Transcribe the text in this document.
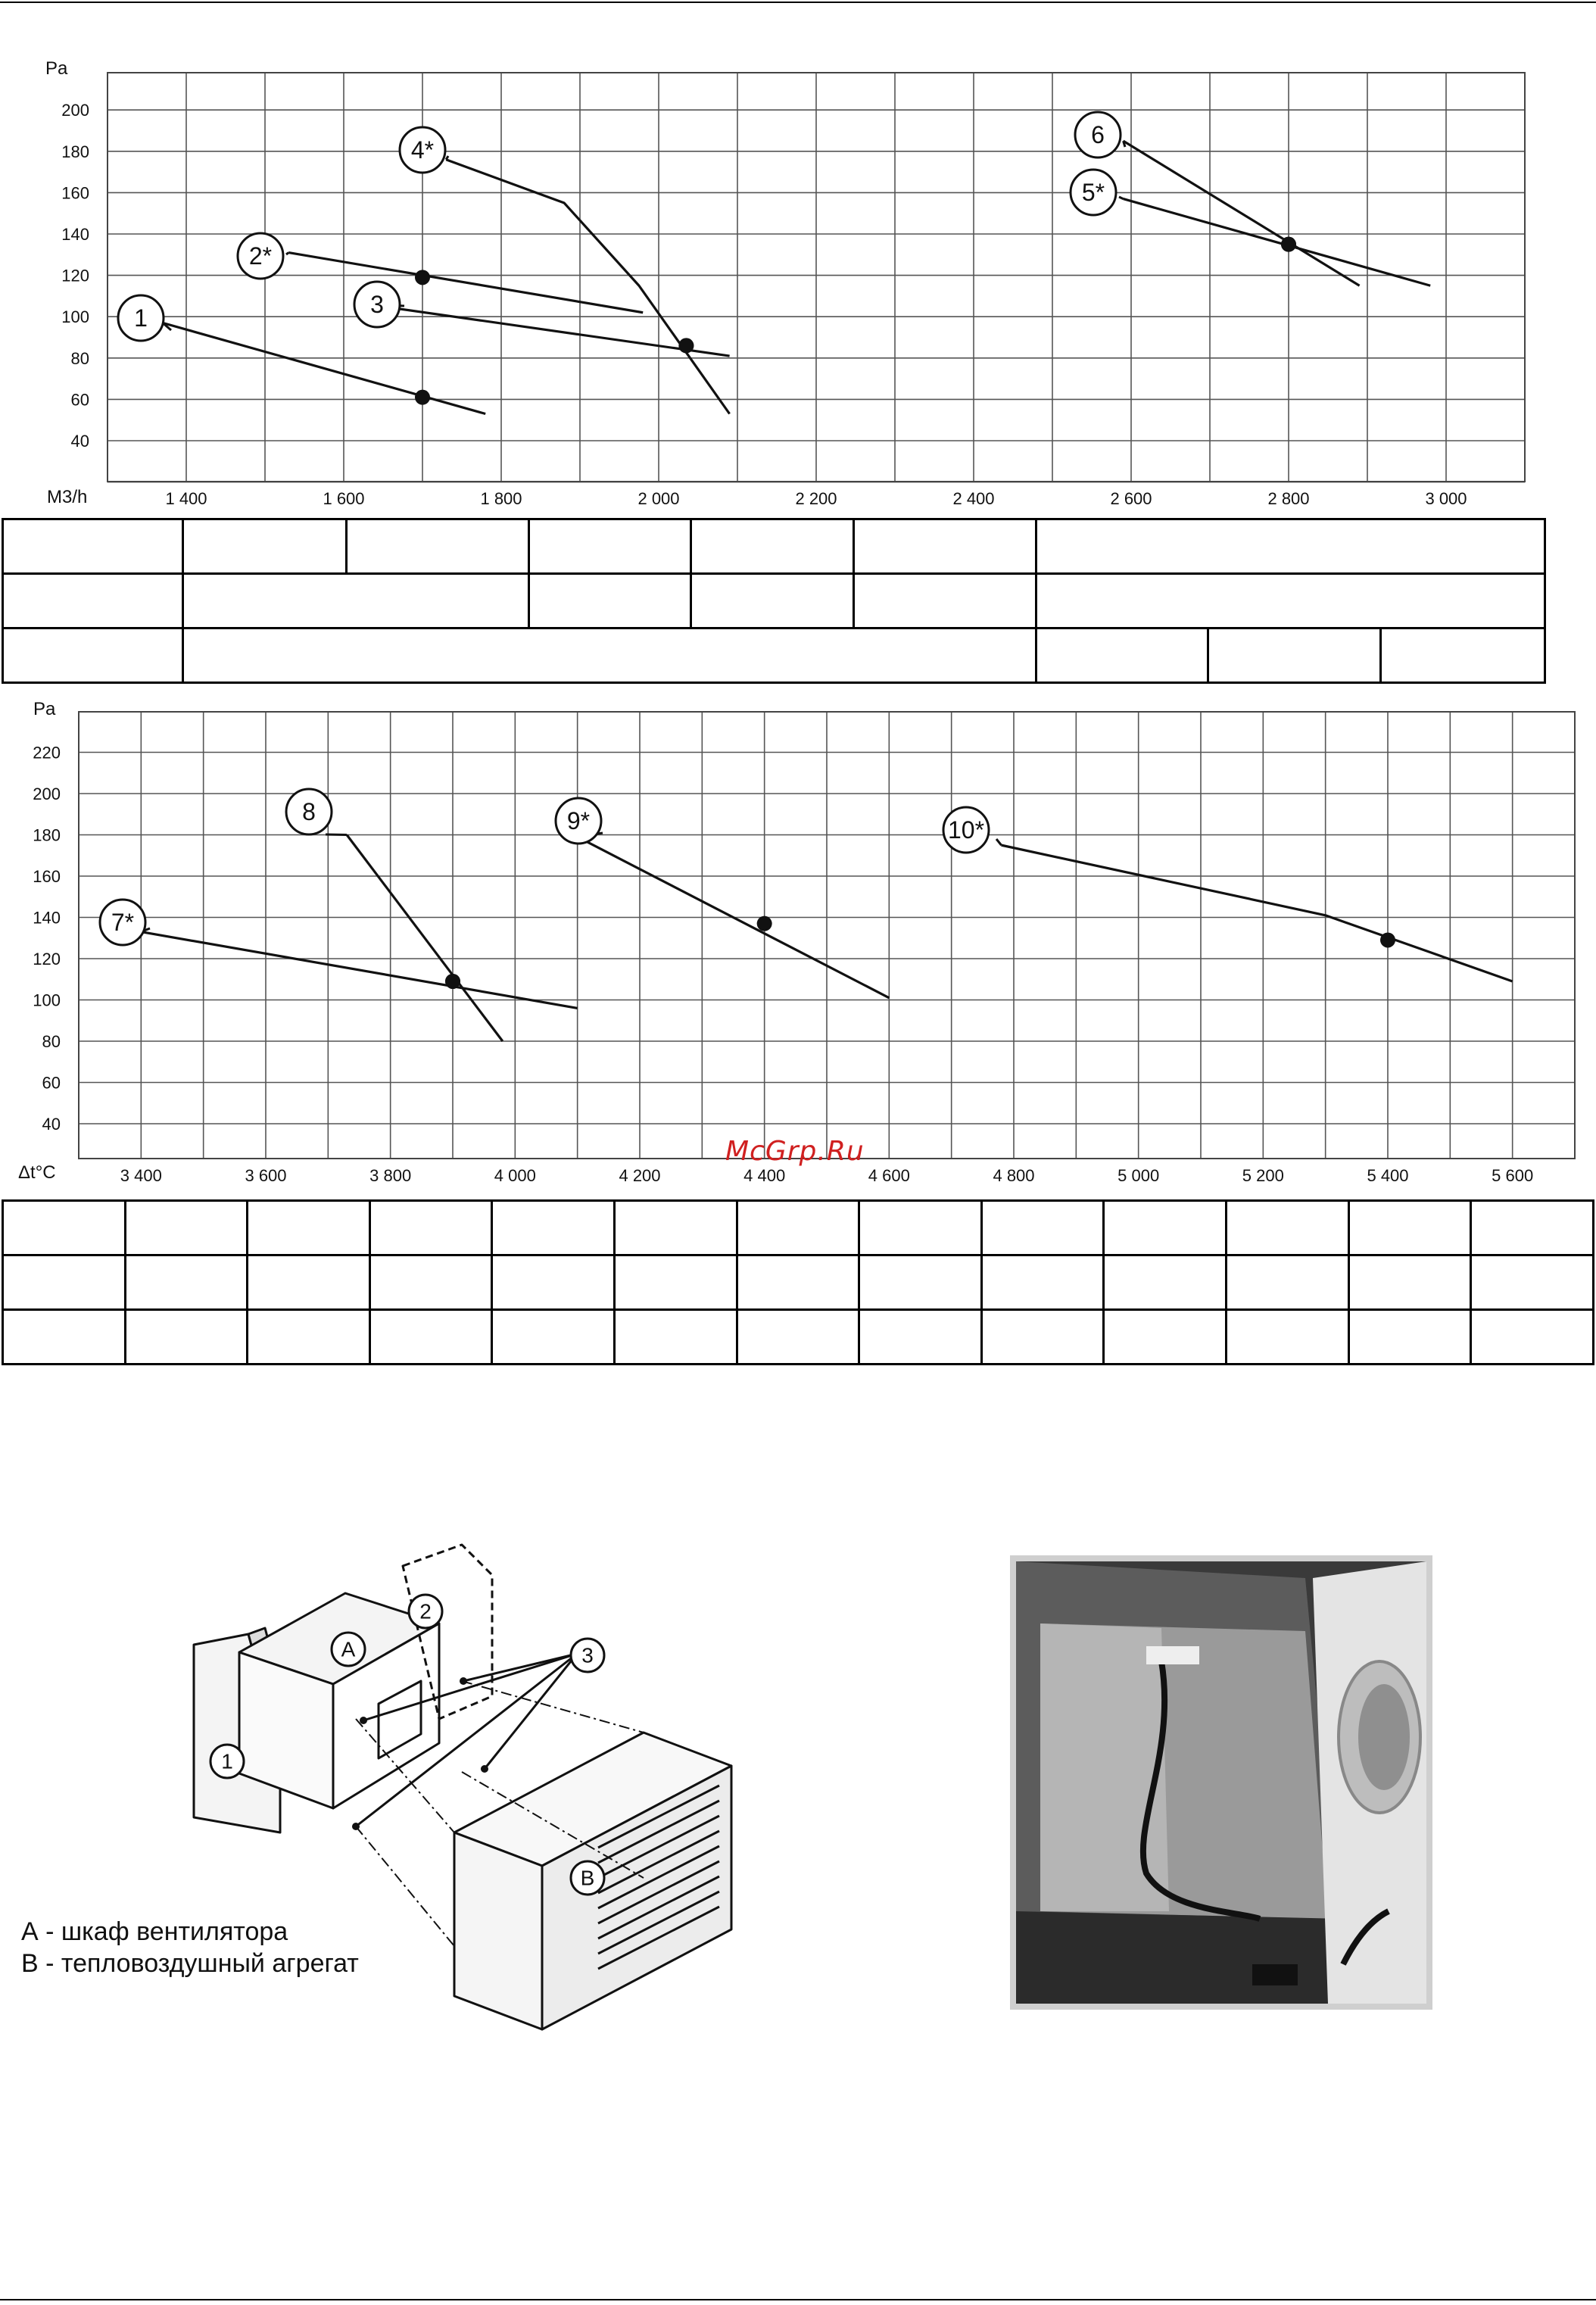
40
60
80
100
120
140
160
180
200
1 400	1 600	1 800	2 000	2 200	2 400	2 600	2 800	3 000
Pa
M3/h
1
2*
3
4*
6
5*

40
60
80
100
120
140
160
180
200
220
3 400	3 600	3 800	4 000	4 200	4 400	4 600	4 800	5 000	5 200	5 400	5 600
Pa
Δt°C
7*
8	9*	10*
McGrp.Ru

A
B
1
2
3
А - шкаф вентилятора
B - тепловоздушный агрегат
